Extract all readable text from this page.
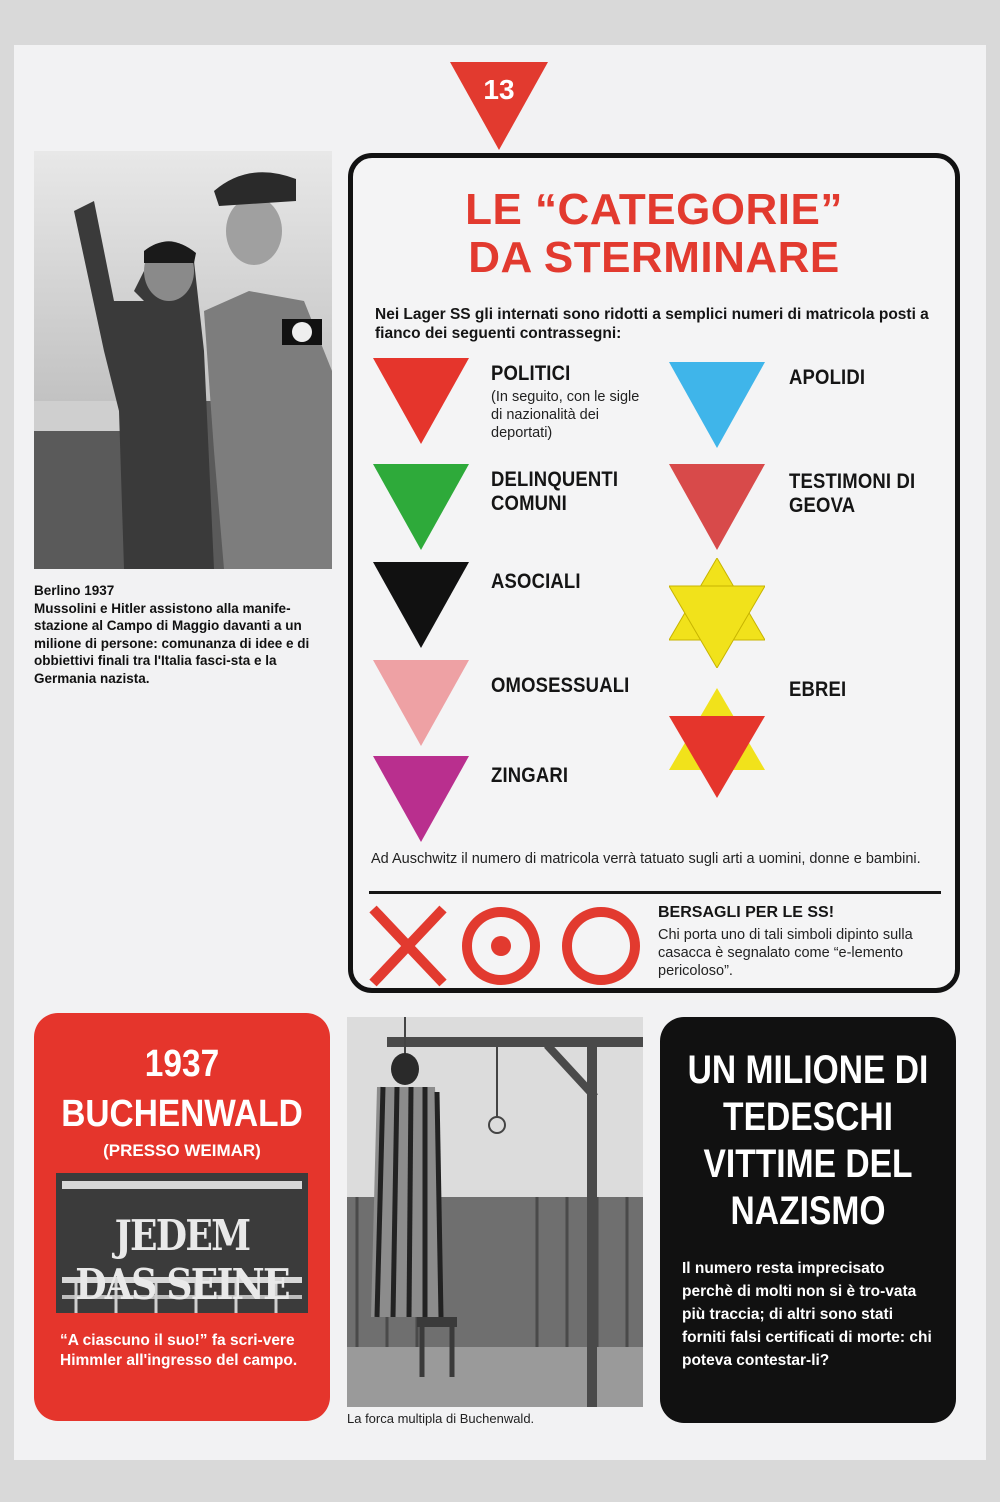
13
Berlino 1937
Mussolini e Hitler assistono alla manife-stazione al Campo di Maggio davanti a un milione di persone: comunanza di idee e di obbiettivi finali tra l'Italia fasci-sta e la Germania nazista.
LE “CATEGORIE”
DA STERMINARE
Nei Lager SS gli internati sono ridotti a semplici numeri di matricola posti a fianco dei seguenti contrassegni:
POLITICI
(In seguito, con le sigle di nazionalità dei deportati)
DELINQUENTI COMUNI
ASOCIALI
OMOSESSUALI
ZINGARI
APOLIDI
TESTIMONI DI GEOVA
EBREI
Ad Auschwitz il numero di matricola verrà tatuato sugli arti a uomini, donne e bambini.
BERSAGLI PER LE SS!
Chi porta uno di tali simboli dipinto sulla casacca è segnalato come “e-lemento pericoloso”.
1937
BUCHENWALD
(PRESSO WEIMAR)
JEDEM DAS SEINE
“A ciascuno il suo!” fa scri-vere Himmler all'ingresso del campo.
La forca multipla di Buchenwald.
UN MILIONE DI TEDESCHI VITTIME DEL NAZISMO
Il numero resta imprecisato perchè di molti non si è tro-vata più traccia; di altri sono stati forniti falsi certificati di morte: chi poteva contestar-li?
